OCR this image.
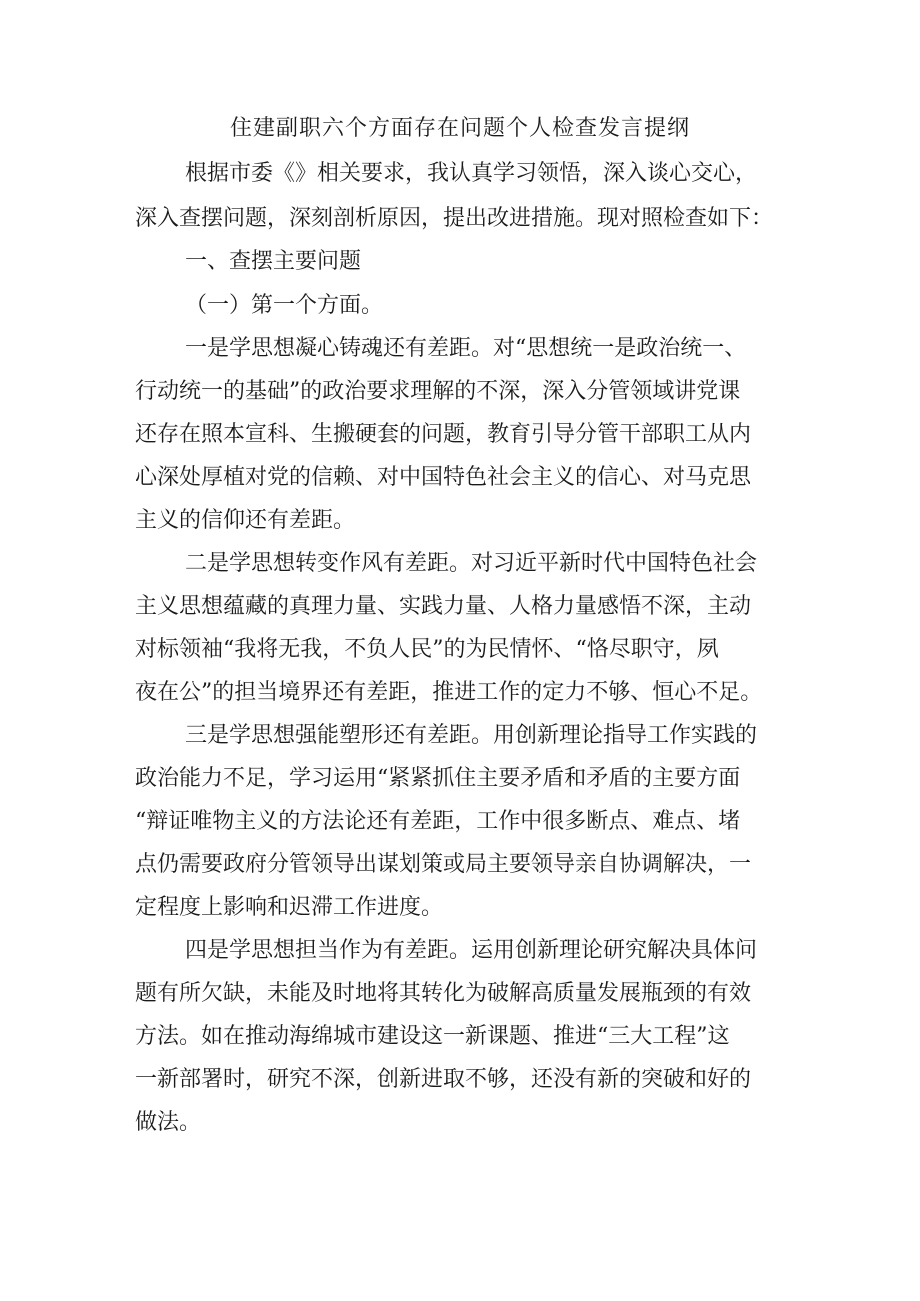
住建副职六个方面存在问题个人检查发言提纲
根据市委《》相关要求，我认真学习领悟，深入谈心交心，
深入查摆问题，深刻剖析原因，提出改进措施。现对照检查如下：
一、查摆主要问题
（一）第一个方面。
一是学思想凝心铸魂还有差距。对“思想统一是政治统一、
行动统一的基础”的政治要求理解的不深，深入分管领域讲党课
还存在照本宣科、生搬硬套的问题，教育引导分管干部职工从内
心深处厚植对党的信赖、对中国特色社会主义的信心、对马克思
主义的信仰还有差距。
二是学思想转变作风有差距。对习近平新时代中国特色社会
主义思想蕴藏的真理力量、实践力量、人格力量感悟不深，主动
对标领袖“我将无我，不负人民”的为民情怀、“恪尽职守，夙
夜在公”的担当境界还有差距，推进工作的定力不够、恒心不足。
三是学思想强能塑形还有差距。用创新理论指导工作实践的
政治能力不足，学习运用“紧紧抓住主要矛盾和矛盾的主要方面
“辩证唯物主义的方法论还有差距，工作中很多断点、难点、堵
点仍需要政府分管领导出谋划策或局主要领导亲自协调解决，一
定程度上影响和迟滞工作进度。
四是学思想担当作为有差距。运用创新理论研究解决具体问
题有所欠缺，未能及时地将其转化为破解高质量发展瓶颈的有效
方法。如在推动海绵城市建设这一新课题、推进“三大工程”这
一新部署时，研究不深，创新进取不够，还没有新的突破和好的
做法。
